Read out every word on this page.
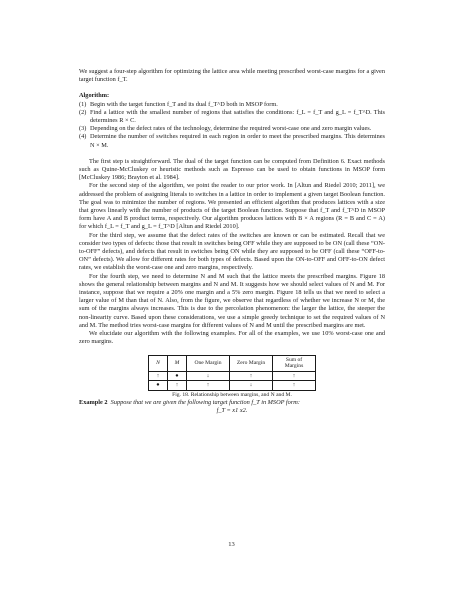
We suggest a four-step algorithm for optimizing the lattice area while meeting prescribed worst-case margins for a given target function f_T.

Algorithm:

(1) Begin with the target function f_T and its dual f_T^D both in MSOP form.
(2) Find a lattice with the smallest number of regions that satisfies the conditions: f_L = f_T and g_L = f_T^D. This determines R × C.
(3) Depending on the defect rates of the technology, determine the required worst-case one and zero margin values.
(4) Determine the number of switches required in each region in order to meet the prescribed margins. This determines N × M.

The first step is straightforward. The dual of the target function can be computed from Definition 6. Exact methods such as Quine-McCluskey or heuristic methods such as Espresso can be used to obtain functions in MSOP form [McCluskey 1986; Brayton et al. 1984].

For the second step of the algorithm, we point the reader to our prior work. In [Altun and Riedel 2010; 2011], we addressed the problem of assigning literals to switches in a lattice in order to implement a given target Boolean function. The goal was to minimize the number of regions. We presented an efficient algorithm that produces lattices with a size that grows linearly with the number of products of the target Boolean function. Suppose that f_T and f_T^D in MSOP form have A and B product terms, respectively. Our algorithm produces lattices with B × A regions (R = B and C = A) for which f_L = f_T and g_L = f_T^D [Altun and Riedel 2010].

For the third step, we assume that the defect rates of the switches are known or can be estimated. Recall that we consider two types of defects: those that result in switches being OFF while they are supposed to be ON (call these “ON-to-OFF” defects), and defects that result in switches being ON while they are supposed to be OFF (call these “OFF-to-ON” defects). We allow for different rates for both types of defects. Based upon the ON-to-OFF and OFF-to-ON defect rates, we establish the worst-case one and zero margins, respectively.

For the fourth step, we need to determine N and M such that the lattice meets the prescribed margins. Figure 18 shows the general relationship between margins and N and M. It suggests how we should select values of N and M. For instance, suppose that we require a 20% one margin and a 5% zero margin. Figure 18 tells us that we need to select a larger value of M than that of N. Also, from the figure, we observe that regardless of whether we increase N or M, the sum of the margins always increases. This is due to the percolation phenomenon: the larger the lattice, the steeper the non-linearity curve. Based upon these considerations, we use a simple greedy technique to set the required values of N and M. The method tries worst-case margins for different values of N and M until the prescribed margins are met.

We elucidate our algorithm with the following examples. For all of the examples, we use 10% worst-case one and zero margins.

N	M	One Margin	Zero Margin	Sum of Margins
↑	●	↓	↑	↑
●	↑	↑	↓	↑

Fig. 18. Relationship between margins, and N and M.

Example 2 Suppose that we are given the following target function f_T in MSOP form:

f_T = x1 x2.

13
